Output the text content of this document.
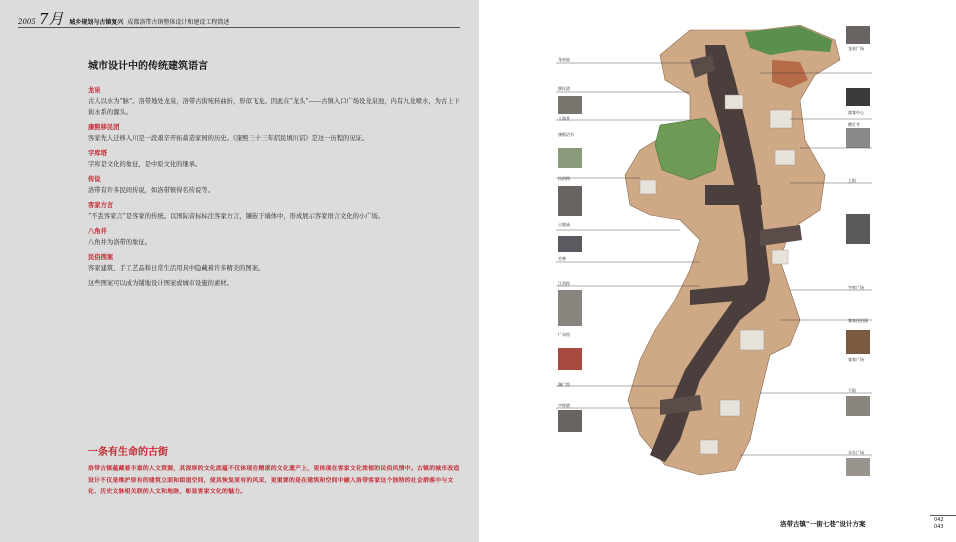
2005 7月 城乡规划与古镇复兴 成都洛带古镇整体设计和建设工程简述
城市设计中的传统建筑语言
龙泉
古人以水为“脉”。洛带地处龙泉，洛带古街宛转曲折，形似飞龙。因此在“龙头”——古镇入口广场设龙泉池，内有九龙喷水，为古上下街水系的源头。
康熙移民团
客家先人迁移入川是一段艰辛开拓蓄造家园的历史。《康熙三十三年招民填川诏》是这一历程的见证。
字库塔
字库是文化的象征，是中原文化的继承。
传说
洛带有许多民间传说，如洛带镇得名传说等。
客家方言
“不丢客家言”是客家的传统。以国际音标标注客家方言，镶嵌于墙体中，形成展示客家语言文化的小广场。
八角井
八角井为洛带的象征。
民俗图案
客家建筑、手工艺品和日常生活用具中隐藏着许多精美的图案。
这些图案可以成为铺地设计图案或城市设施的素材。
一条有生命的古街
洛带古镇蕴藏着丰富的人文资源，其深厚的文化底蕴不仅体现在精湛的文化遗产上，更体现在客家文化浓郁的民俗风情中。古镇的城市改造设计不仅是维护原有的建筑立面和街道空间，使其恢复原有的风采，更重要的是在建筑和空间中融入洛带客家这个独特的社会群落中与文化、历史文脉相关联的人文和地脉，彰显客家文化的魅力。
龙泉池
移民团
八角井
康熙诏书
民俗图
土地庙
竹林
江西馆
广东馆
湖广馆
字库塔
龙泉广场
游客中心
燃灯寺
上街
字库广场
客家广场
客家民俗园
下街
水车广场
洛带古镇“一街七巷”设计方案	042
043
